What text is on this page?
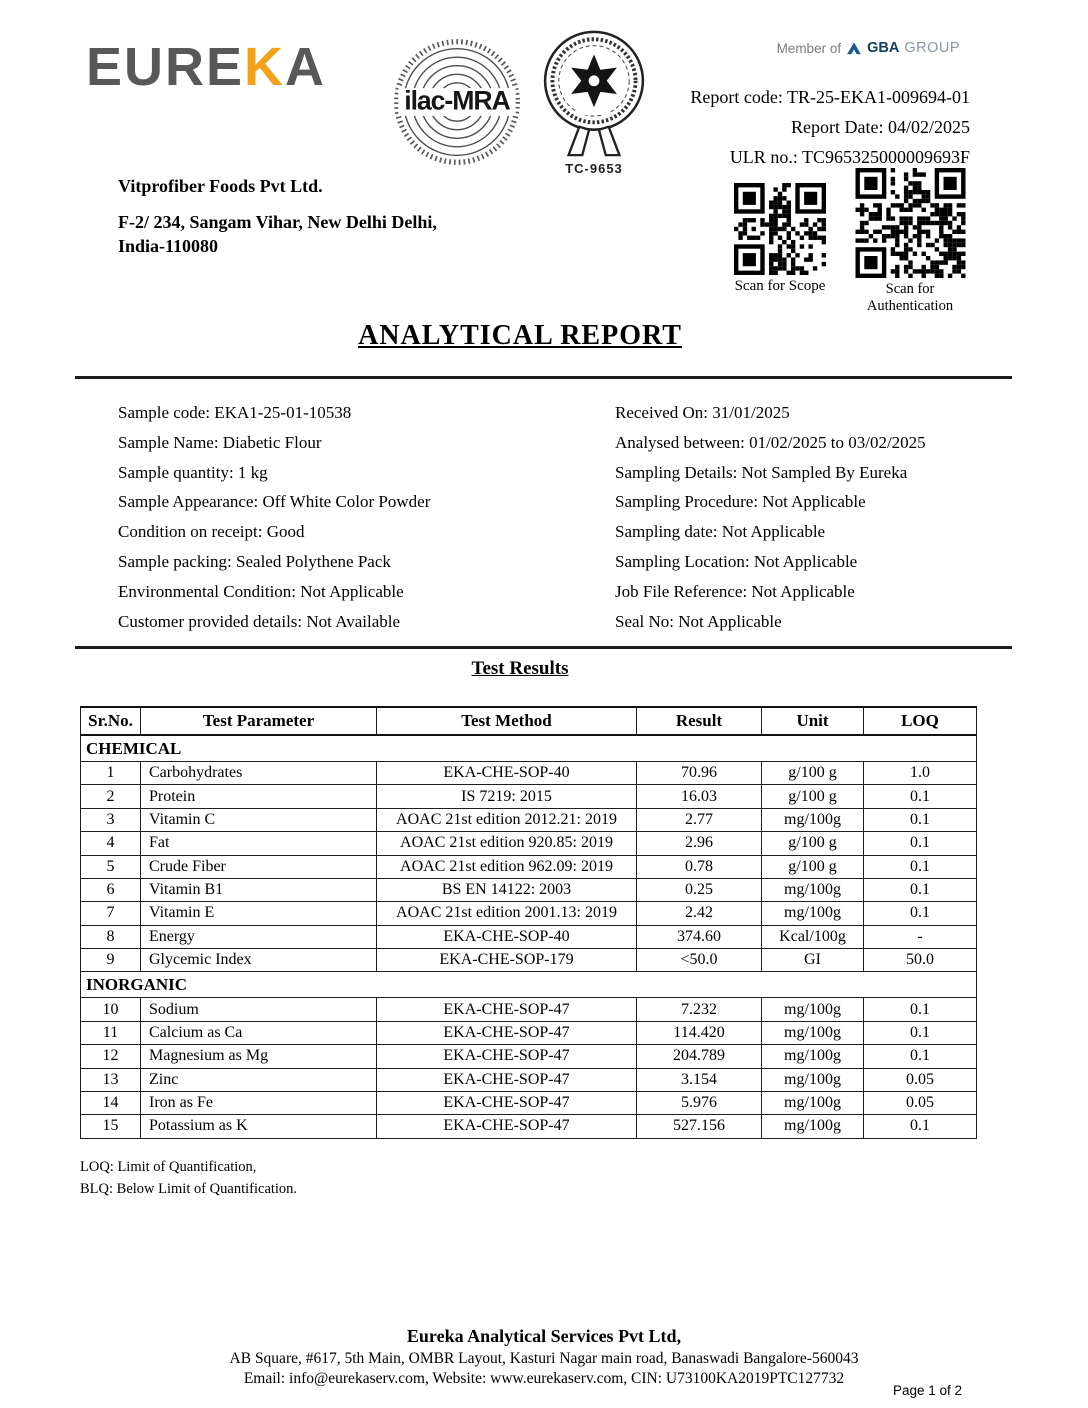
EUREKA
ilac-MRA
TC-9653
Member of GBA GROUP
Report code: TR-25-EKA1-009694-01
Report Date: 04/02/2025
ULR no.: TC965325000009693F
Vitprofiber Foods Pvt Ltd.
F-2/ 234, Sangam Vihar, New Delhi Delhi,
India-110080
Scan for Scope	Scan for Authentication
ANALYTICAL REPORT
Sample code: EKA1-25-01-10538
Sample Name: Diabetic Flour
Sample quantity: 1 kg
Sample Appearance: Off White Color Powder
Condition on receipt: Good
Sample packing: Sealed Polythene Pack
Environmental Condition: Not Applicable
Customer provided details: Not Available
Received On: 31/01/2025
Analysed between: 01/02/2025 to 03/02/2025
Sampling Details: Not Sampled By Eureka
Sampling Procedure: Not Applicable
Sampling date: Not Applicable
Sampling Location: Not Applicable
Job File Reference: Not Applicable
Seal No: Not Applicable
Test Results
Sr.No.	Test Parameter	Test Method	Result	Unit	LOQ
CHEMICAL					
1	Carbohydrates	EKA-CHE-SOP-40	70.96	g/100 g	1.0
2	Protein	IS 7219: 2015	16.03	g/100 g	0.1
3	Vitamin C	AOAC 21st edition 2012.21: 2019	2.77	mg/100g	0.1
4	Fat	AOAC 21st edition 920.85: 2019	2.96	g/100 g	0.1
5	Crude Fiber	AOAC 21st edition 962.09: 2019	0.78	g/100 g	0.1
6	Vitamin B1	BS EN 14122: 2003	0.25	mg/100g	0.1
7	Vitamin E	AOAC 21st edition 2001.13: 2019	2.42	mg/100g	0.1
8	Energy	EKA-CHE-SOP-40	374.60	Kcal/100g	-
9	Glycemic Index	EKA-CHE-SOP-179	<50.0	GI	50.0
INORGANIC					
10	Sodium	EKA-CHE-SOP-47	7.232	mg/100g	0.1
11	Calcium as Ca	EKA-CHE-SOP-47	114.420	mg/100g	0.1
12	Magnesium as Mg	EKA-CHE-SOP-47	204.789	mg/100g	0.1
13	Zinc	EKA-CHE-SOP-47	3.154	mg/100g	0.05
14	Iron as Fe	EKA-CHE-SOP-47	5.976	mg/100g	0.05
15	Potassium as K	EKA-CHE-SOP-47	527.156	mg/100g	0.1
LOQ: Limit of Quantification,
BLQ: Below Limit of Quantification.
Eureka Analytical Services Pvt Ltd,
AB Square, #617, 5th Main, OMBR Layout, Kasturi Nagar main road, Banaswadi Bangalore-560043
Email: info@eurekaserv.com, Website: www.eurekaserv.com, CIN: U73100KA2019PTC127732
Page 1 of 2
